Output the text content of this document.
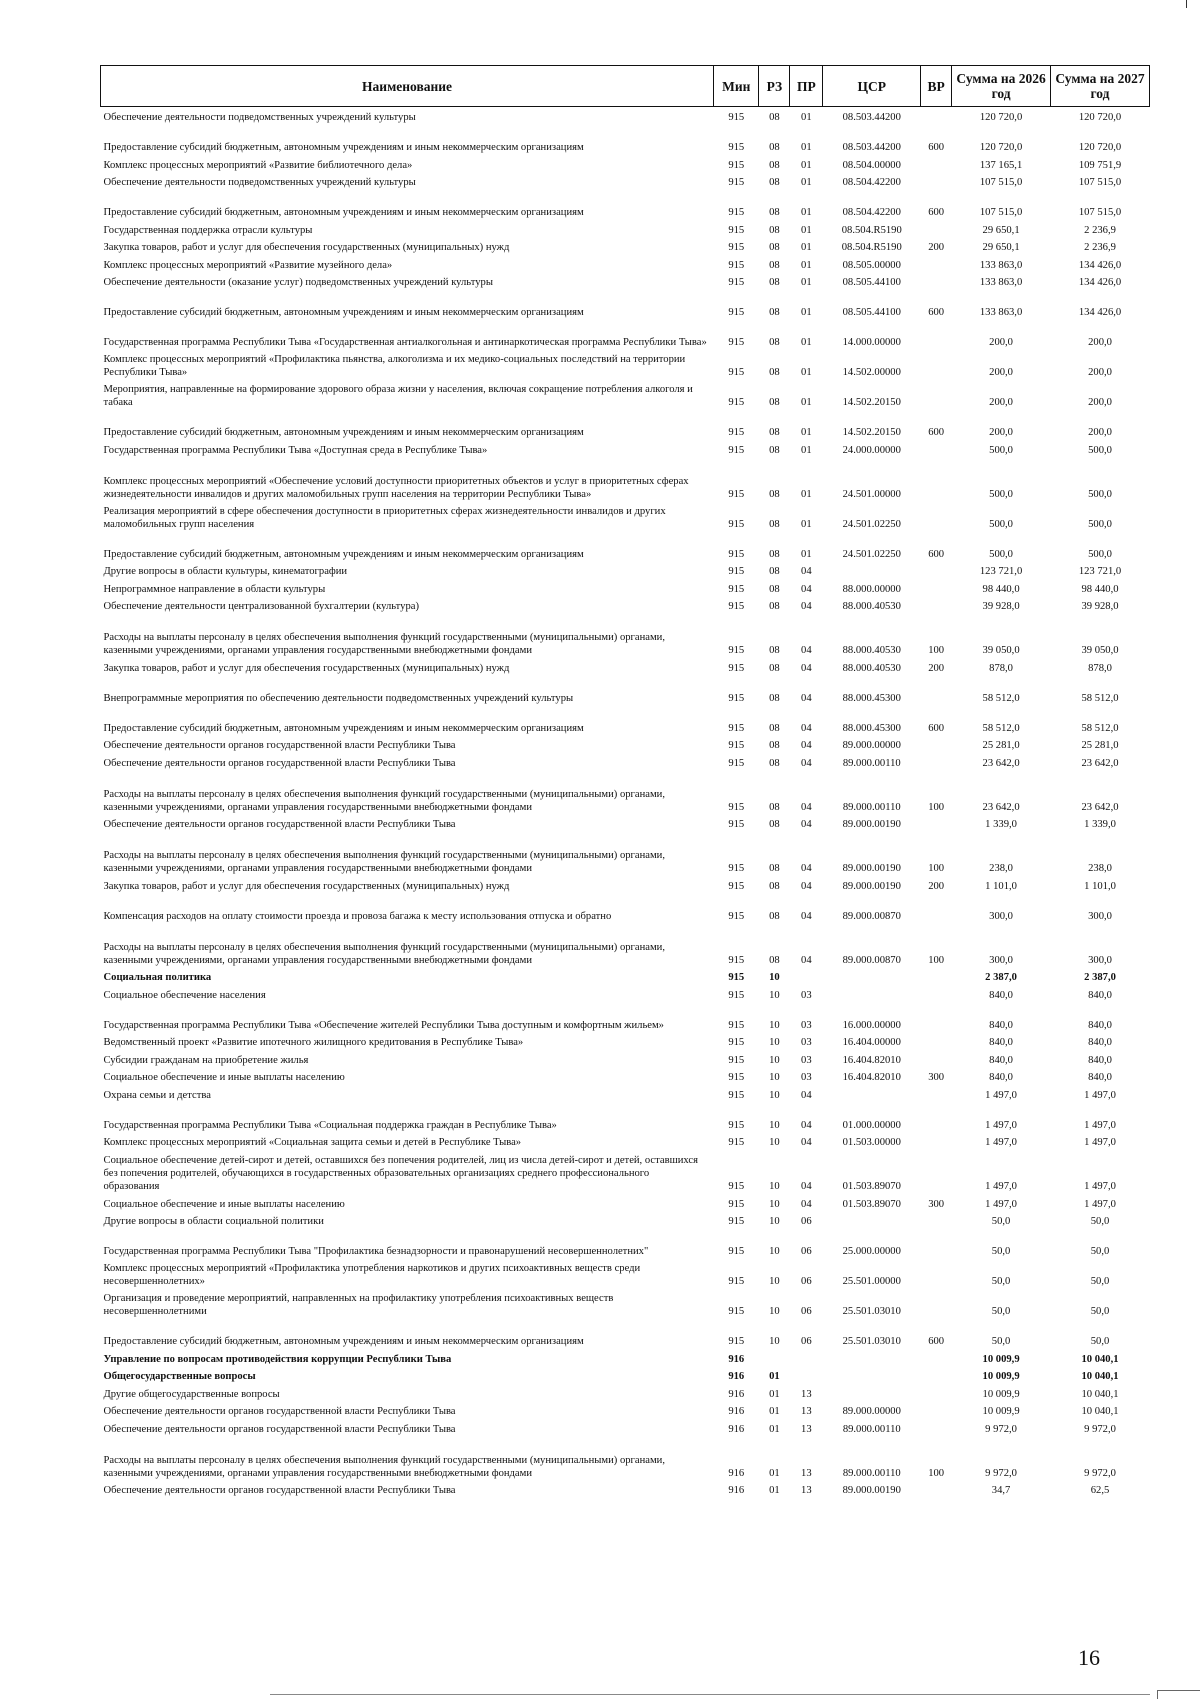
Наименование	Мин	РЗ	ПР	ЦСР	ВР	Сумма на 2026 год	Сумма на 2027 год
Обеспечение деятельности подведомственных учреждений культуры	915	08	01	08.503.44200		120 720,0	120 720,0
Предоставление субсидий бюджетным, автономным учреждениям и иным некоммерческим организациям	915	08	01	08.503.44200	600	120 720,0	120 720,0
Комплекс процессных мероприятий «Развитие библиотечного дела»	915	08	01	08.504.00000		137 165,1	109 751,9
Обеспечение деятельности подведомственных учреждений культуры	915	08	01	08.504.42200		107 515,0	107 515,0
Предоставление субсидий бюджетным, автономным учреждениям и иным некоммерческим организациям	915	08	01	08.504.42200	600	107 515,0	107 515,0
Государственная поддержка отрасли культуры	915	08	01	08.504.R5190		29 650,1	2 236,9
Закупка товаров, работ и услуг для обеспечения государственных (муниципальных) нужд	915	08	01	08.504.R5190	200	29 650,1	2 236,9
Комплекс процессных мероприятий «Развитие музейного дела»	915	08	01	08.505.00000		133 863,0	134 426,0
Обеспечение деятельности (оказание услуг) подведомственных учреждений культуры	915	08	01	08.505.44100		133 863,0	134 426,0
Предоставление субсидий бюджетным, автономным учреждениям и иным некоммерческим организациям	915	08	01	08.505.44100	600	133 863,0	134 426,0
Государственная программа Республики Тыва «Государственная антиалкогольная и антинаркотическая программа Республики Тыва»	915	08	01	14.000.00000		200,0	200,0
Комплекс процессных мероприятий «Профилактика пьянства, алкоголизма и их медико-социальных последствий на территории Республики Тыва»	915	08	01	14.502.00000		200,0	200,0
Мероприятия, направленные на формирование здорового образа жизни у населения, включая сокращение потребления алкоголя и табака	915	08	01	14.502.20150		200,0	200,0
Предоставление субсидий бюджетным, автономным учреждениям и иным некоммерческим организациям	915	08	01	14.502.20150	600	200,0	200,0
Государственная программа Республики Тыва «Доступная среда в Республике Тыва»	915	08	01	24.000.00000		500,0	500,0
Комплекс процессных мероприятий «Обеспечение условий доступности приоритетных объектов и услуг в приоритетных сферах жизнедеятельности инвалидов и других маломобильных групп населения на территории Республики Тыва»	915	08	01	24.501.00000		500,0	500,0
Реализация мероприятий в сфере обеспечения доступности в приоритетных сферах жизнедеятельности инвалидов и других маломобильных групп населения	915	08	01	24.501.02250		500,0	500,0
Предоставление субсидий бюджетным, автономным учреждениям и иным некоммерческим организациям	915	08	01	24.501.02250	600	500,0	500,0
Другие вопросы в области культуры, кинематографии	915	08	04			123 721,0	123 721,0
Непрограммное направление в области культуры	915	08	04	88.000.00000		98 440,0	98 440,0
Обеспечение деятельности централизованной бухгалтерии (культура)	915	08	04	88.000.40530		39 928,0	39 928,0
Расходы на выплаты персоналу в целях обеспечения выполнения функций государственными (муниципальными) органами, казенными учреждениями, органами управления государственными внебюджетными фондами	915	08	04	88.000.40530	100	39 050,0	39 050,0
Закупка товаров, работ и услуг для обеспечения государственных (муниципальных) нужд	915	08	04	88.000.40530	200	878,0	878,0
Внепрограммные мероприятия по обеспечению деятельности подведомственных учреждений культуры	915	08	04	88.000.45300		58 512,0	58 512,0
Предоставление субсидий бюджетным, автономным учреждениям и иным некоммерческим организациям	915	08	04	88.000.45300	600	58 512,0	58 512,0
Обеспечение деятельности органов государственной власти Республики Тыва	915	08	04	89.000.00000		25 281,0	25 281,0
Обеспечение деятельности органов государственной власти Республики Тыва	915	08	04	89.000.00110		23 642,0	23 642,0
Расходы на выплаты персоналу в целях обеспечения выполнения функций государственными (муниципальными) органами, казенными учреждениями, органами управления государственными внебюджетными фондами	915	08	04	89.000.00110	100	23 642,0	23 642,0
Обеспечение деятельности органов государственной власти Республики Тыва	915	08	04	89.000.00190		1 339,0	1 339,0
Расходы на выплаты персоналу в целях обеспечения выполнения функций государственными (муниципальными) органами, казенными учреждениями, органами управления государственными внебюджетными фондами	915	08	04	89.000.00190	100	238,0	238,0
Закупка товаров, работ и услуг для обеспечения государственных (муниципальных) нужд	915	08	04	89.000.00190	200	1 101,0	1 101,0
Компенсация расходов на оплату стоимости проезда и провоза багажа к месту использования отпуска и обратно	915	08	04	89.000.00870		300,0	300,0
Расходы на выплаты персоналу в целях обеспечения выполнения функций государственными (муниципальными) органами, казенными учреждениями, органами управления государственными внебюджетными фондами	915	08	04	89.000.00870	100	300,0	300,0
Социальная политика	915	10				2 387,0	2 387,0
Социальное обеспечение населения	915	10	03			840,0	840,0
Государственная программа Республики Тыва «Обеспечение жителей Республики Тыва доступным и комфортным жильем»	915	10	03	16.000.00000		840,0	840,0
Ведомственный проект «Развитие ипотечного жилищного кредитования в Республике Тыва»	915	10	03	16.404.00000		840,0	840,0
Субсидии гражданам на приобретение жилья	915	10	03	16.404.82010		840,0	840,0
Социальное обеспечение и иные выплаты населению	915	10	03	16.404.82010	300	840,0	840,0
Охрана семьи и детства	915	10	04			1 497,0	1 497,0
Государственная программа Республики Тыва «Социальная поддержка граждан в Республике Тыва»	915	10	04	01.000.00000		1 497,0	1 497,0
Комплекс процессных мероприятий «Социальная защита семьи и детей в Республике Тыва»	915	10	04	01.503.00000		1 497,0	1 497,0
Социальное обеспечение детей-сирот и детей, оставшихся без попечения родителей, лиц из числа детей-сирот и детей, оставшихся без попечения родителей, обучающихся в государственных образовательных организациях среднего профессионального образования	915	10	04	01.503.89070		1 497,0	1 497,0
Социальное обеспечение и иные выплаты населению	915	10	04	01.503.89070	300	1 497,0	1 497,0
Другие вопросы в области социальной политики	915	10	06			50,0	50,0
Государственная программа Республики Тыва "Профилактика безнадзорности и правонарушений несовершеннолетних"	915	10	06	25.000.00000		50,0	50,0
Комплекс процессных мероприятий «Профилактика употребления наркотиков и других психоактивных веществ среди несовершеннолетних»	915	10	06	25.501.00000		50,0	50,0
Организация и проведение мероприятий, направленных на профилактику употребления психоактивных веществ несовершеннолетними	915	10	06	25.501.03010		50,0	50,0
Предоставление субсидий бюджетным, автономным учреждениям и иным некоммерческим организациям	915	10	06	25.501.03010	600	50,0	50,0
Управление по вопросам противодействия коррупции Республики Тыва	916					10 009,9	10 040,1
Общегосударственные вопросы	916	01				10 009,9	10 040,1
Другие общегосударственные вопросы	916	01	13			10 009,9	10 040,1
Обеспечение деятельности органов государственной власти Республики Тыва	916	01	13	89.000.00000		10 009,9	10 040,1
Обеспечение деятельности органов государственной власти Республики Тыва	916	01	13	89.000.00110		9 972,0	9 972,0
Расходы на выплаты персоналу в целях обеспечения выполнения функций государственными (муниципальными) органами, казенными учреждениями, органами управления государственными внебюджетными фондами	916	01	13	89.000.00110	100	9 972,0	9 972,0
Обеспечение деятельности органов государственной власти Республики Тыва	916	01	13	89.000.00190		34,7	62,5
16
